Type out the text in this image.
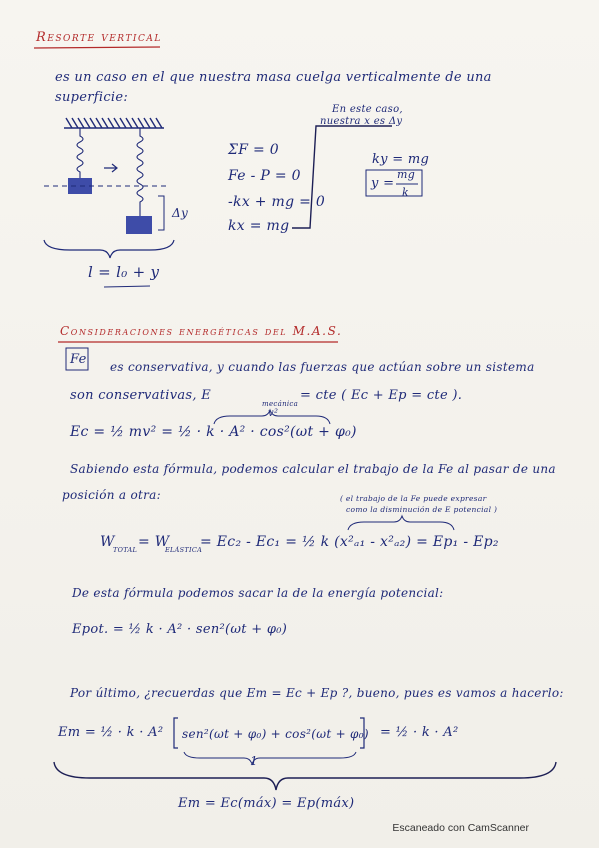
Resorte vertical
es un caso en el que nuestra masa cuelga verticalmente de una
superficie:
En este caso,
nuestra x es Δy
ΣF = 0
Fe - P = 0
-kx + mg = 0
kx = mg
ky = mg
y =
mg
k
Δy
l = l₀ + y
Consideraciones energéticas del M.A.S.
Fe es conservativa, y cuando las fuerzas que actúan sobre un sistema
son conservativas, E
mecánica
= cte ( Ec + Ep = cte ).
v²
Ec = ½ mv² = ½ · k · A² · cos²(ωt + φ₀)
Sabiendo esta fórmula, podemos calcular el trabajo de la Fe al pasar de una
posición a otra:	( el trabajo de la Fe puede expresar
como la disminución de E potencial )
W
TOTAL = W
ELÁSTICA
= Ec₂ - Ec₁ = ½ k (x²ₐ₁ - x²ₐ₂) = Ep₁ - Ep₂
De esta fórmula podemos sacar la de la energía potencial:
Epot. = ½ k · A² · sen²(ωt + φ₀)
Por último, ¿recuerdas que Em = Ec + Ep ?, bueno, pues es vamos a hacerlo:
Em = ½ · k · A² sen²(ωt + φ₀) + cos²(ωt + φ₀) = ½ · k · A²
1
Em = Ec(máx) = Ep(máx)
Escaneado con CamScanner
